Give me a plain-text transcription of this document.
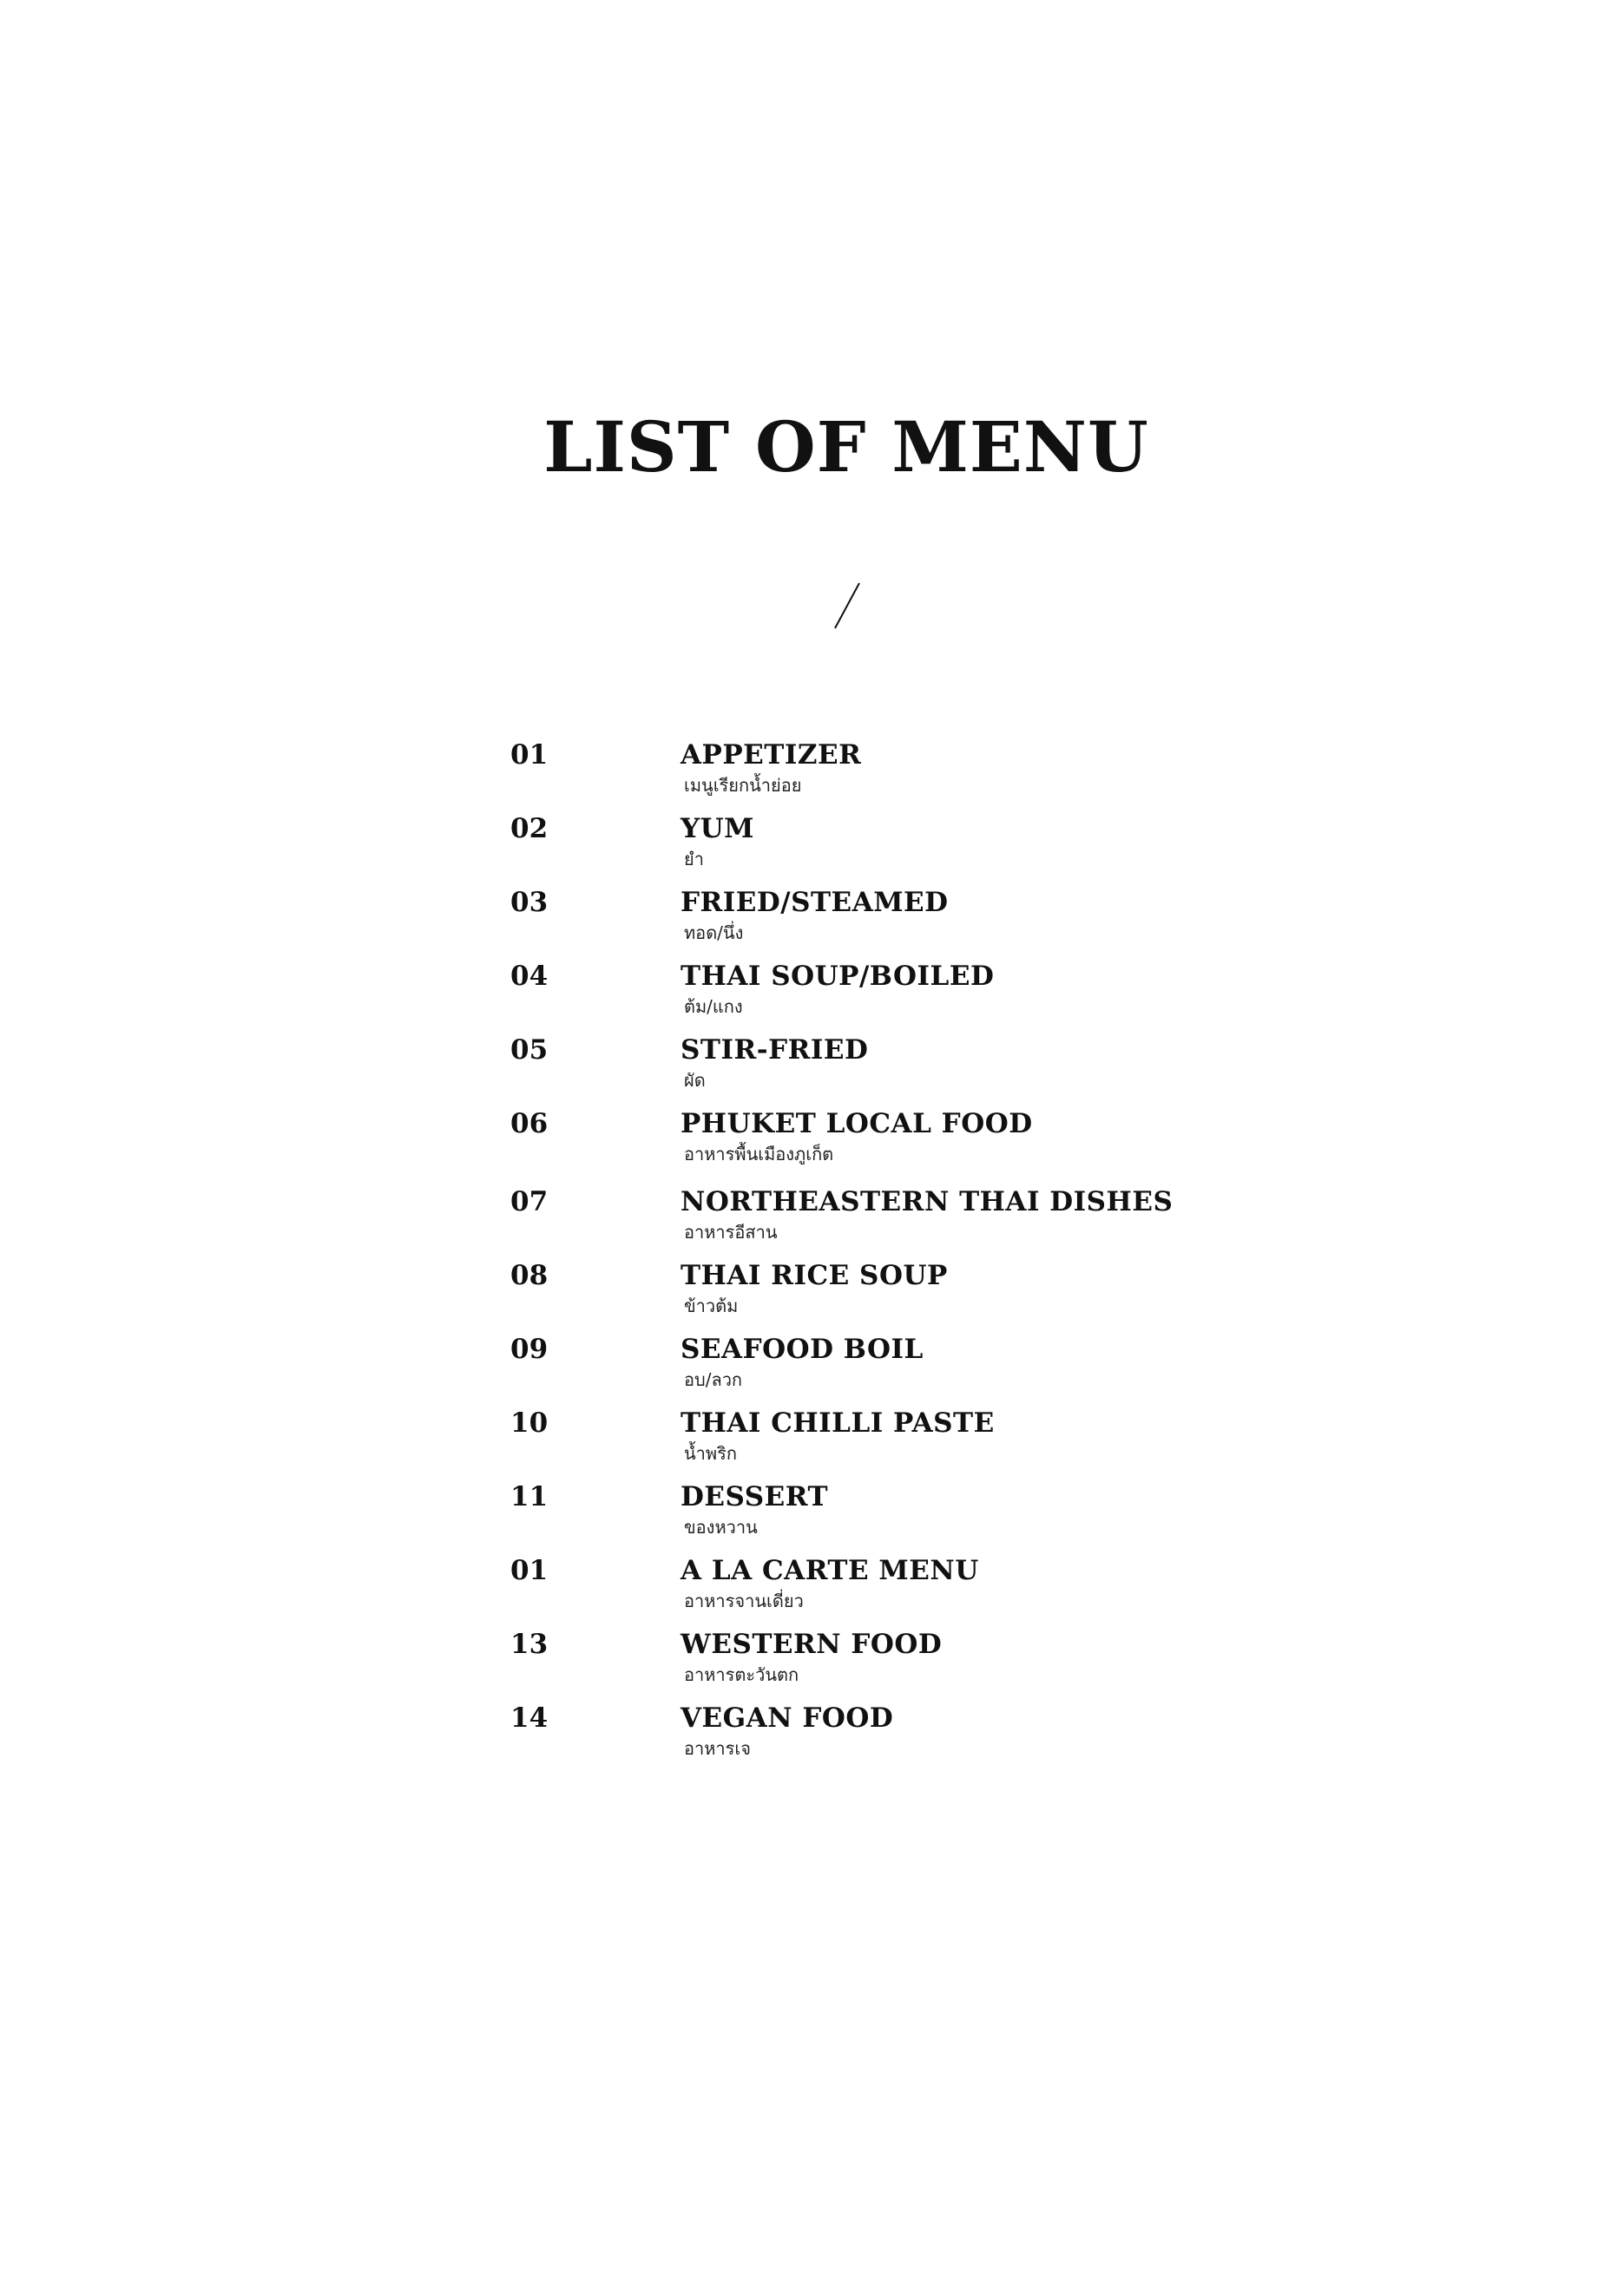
LIST OF MENU
01	APPETIZER
เมนูเรียกน้ำย่อย
02	YUM
ยำ
03	FRIED/STEAMED
ทอด/นึ่ง
04	THAI SOUP/BOILED
ต้ม/แกง
05	STIR-FRIED
ผัด
06	PHUKET LOCAL FOOD
อาหารพื้นเมืองภูเก็ต
07	NORTHEASTERN THAI DISHES
อาหารอีสาน
08	THAI RICE SOUP
ข้าวต้ม
09	SEAFOOD BOIL
อบ/ลวก
10	THAI CHILLI PASTE
น้ำพริก
11	DESSERT
ของหวาน
01	A LA CARTE MENU
อาหารจานเดี่ยว
13	WESTERN FOOD
อาหารตะวันตก
14	VEGAN FOOD
อาหารเจ
